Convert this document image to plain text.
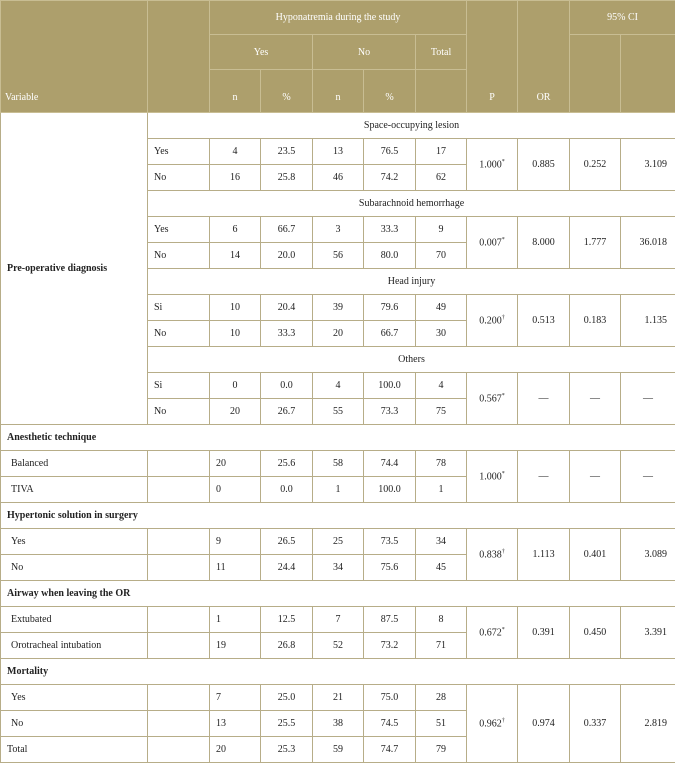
Variable		Hyponatremia during the study					P	OR	95% CI	
		Yes		No		Total				
		n	%	n	%					
Pre-operative diagnosis	Space-occupying lesion									
	Yes	4	23.5	13	76.5	17	1.000*	0.885	0.252	3.109
	No	16	25.8	46	74.2	62				
	Subarachnoid hemorrhage									
	Yes	6	66.7	3	33.3	9	0.007*	8.000	1.777	36.018
	No	14	20.0	56	80.0	70				
	Head injury									
	Si	10	20.4	39	79.6	49	0.200†	0.513	0.183	1.135
	No	10	33.3	20	66.7	30				
	Others									
	Si	0	0.0	4	100.0	4	0.567*	—	—	—
	No	20	26.7	55	73.3	75				
Anesthetic technique										
Balanced		20	25.6	58	74.4	78	1.000*	—	—	—
TIVA		0	0.0	1	100.0	1				
Hypertonic solution in surgery										
Yes		9	26.5	25	73.5	34	0.838†	1.113	0.401	3.089
No		11	24.4	34	75.6	45				
Airway when leaving the OR										
Extubated		1	12.5	7	87.5	8	0.672*	0.391	0.450	3.391
Orotracheal intubation		19	26.8	52	73.2	71				
Mortality										
Yes		7	25.0	21	75.0	28	0.962†	0.974	0.337	2.819
No		13	25.5	38	74.5	51				
Total		20	25.3	59	74.7	79				
